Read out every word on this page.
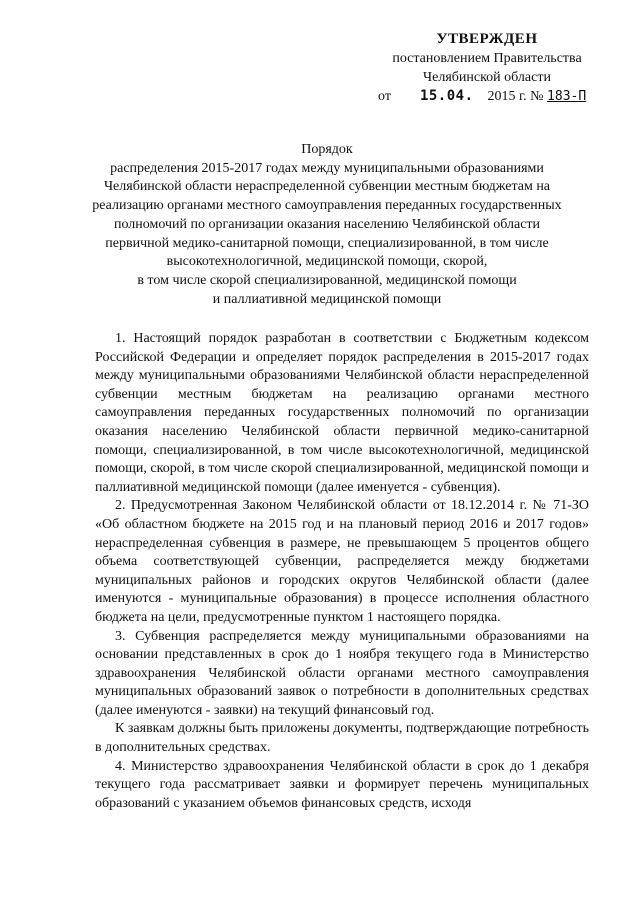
УТВЕРЖДЕН
постановлением Правительства
Челябинской области
от 15.04. 2015 г. № 183-П
Порядок
распределения 2015-2017 годах между муниципальными образованиями
Челябинской области нераспределенной субвенции местным бюджетам на
реализацию органами местного самоуправления переданных государственных
полномочий по организации оказания населению Челябинской области
первичной медико-санитарной помощи, специализированной, в том числе
высокотехнологичной, медицинской помощи, скорой,
в том числе скорой специализированной, медицинской помощи
и паллиативной медицинской помощи

1. Настоящий порядок разработан в соответствии с Бюджетным кодексом Российской Федерации и определяет порядок распределения в 2015-2017 годах между муниципальными образованиями Челябинской области нераспределенной субвенции местным бюджетам на реализацию органами местного самоуправления переданных государственных полномочий по организации оказания населению Челябинской области первичной медико-санитарной помощи, специализированной, в том числе высокотехнологичной, медицинской помощи, скорой, в том числе скорой специализированной, медицинской помощи и паллиативной медицинской помощи (далее именуется - субвенция).

2. Предусмотренная Законом Челябинской области от 18.12.2014 г. № 71-ЗО «Об областном бюджете на 2015 год и на плановый период 2016 и 2017 годов» нераспределенная субвенция в размере, не превышающем 5 процентов общего объема соответствующей субвенции, распределяется между бюджетами муниципальных районов и городских округов Челябинской области (далее именуются - муниципальные образования) в процессе исполнения областного бюджета на цели, предусмотренные пунктом 1 настоящего порядка.

3. Субвенция распределяется между муниципальными образованиями на основании представленных в срок до 1 ноября текущего года в Министерство здравоохранения Челябинской области органами местного самоуправления муниципальных образований заявок о потребности в дополнительных средствах (далее именуются - заявки) на текущий финансовый год.

К заявкам должны быть приложены документы, подтверждающие потребность в дополнительных средствах.

4. Министерство здравоохранения Челябинской области в срок до 1 декабря текущего года рассматривает заявки и формирует перечень муниципальных образований с указанием объемов финансовых средств, исходя
